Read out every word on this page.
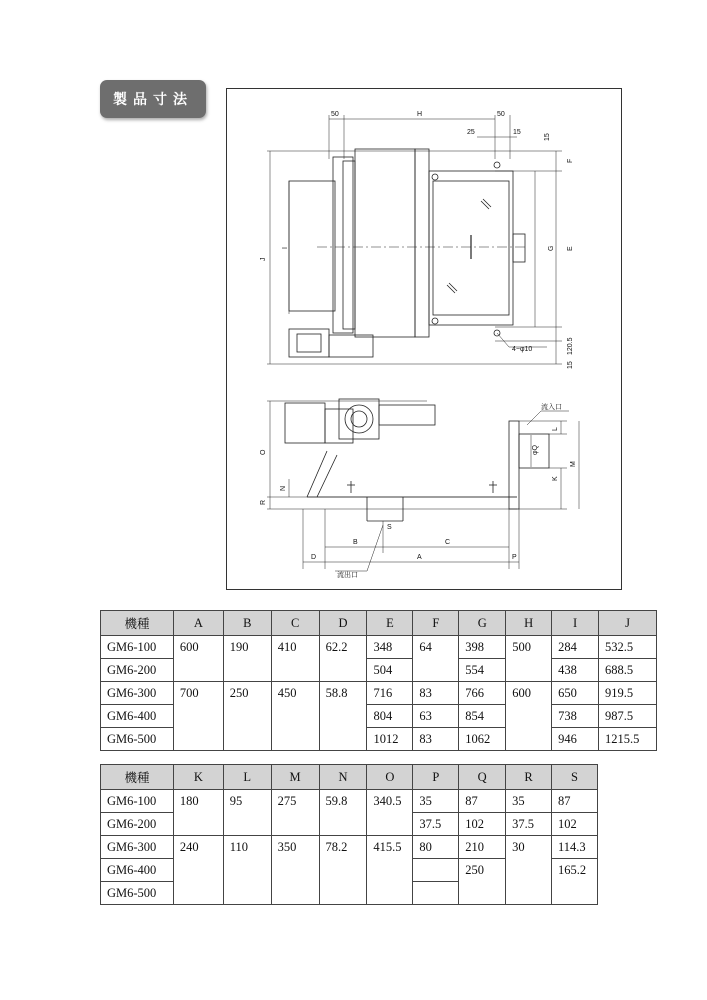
製品寸法
50	H	50
25	15
15
F
G E
120.5
15
J
I
4−φ10
O
N
R
L
φQ
M
K
S
B	C
D	A	P
流入口
流出口
機種	A	B	C	D	E	F	G	H	I	J
GM6-100	600	190	410	62.2	348	64	398	500	284	532.5
GM6-200					504		554		438	688.5
GM6-300	700	250	450	58.8	716	83	766	600	650	919.5
GM6-400					804	63	854		738	987.5
GM6-500					1012	83	1062		946	1215.5
機種	K	L	M	N	O	P	Q	R	S
GM6-100	180	95	275	59.8	340.5	35	87	35	87
GM6-200						37.5	102	37.5	102
GM6-300	240	110	350	78.2	415.5	80	210	30	114.3
GM6-400							250		165.2
GM6-500									
